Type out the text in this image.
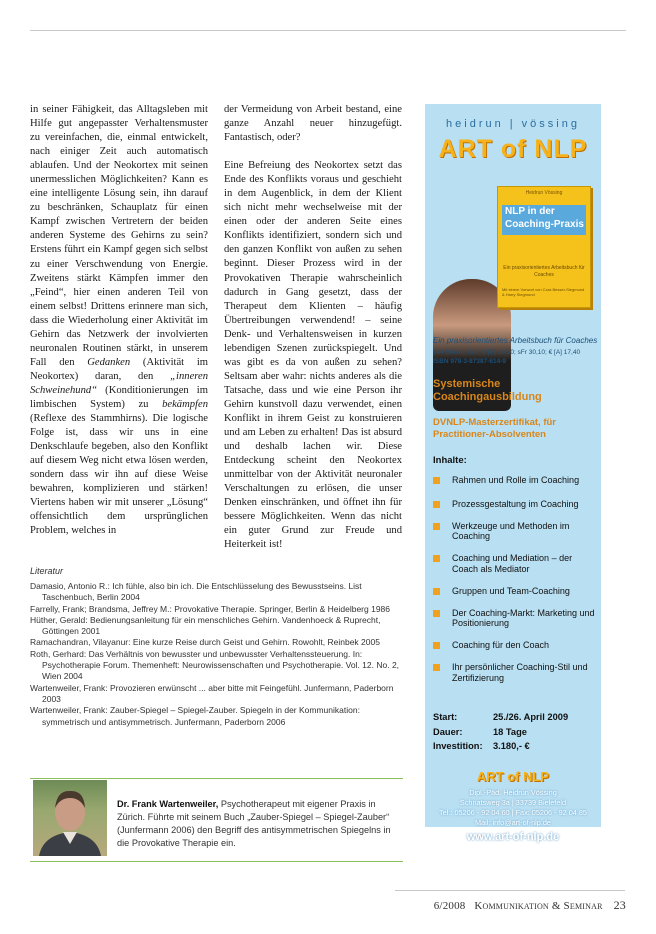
in seiner Fähigkeit, das Alltagsleben mit Hilfe gut angepasster Verhaltensmuster zu vereinfachen, die, einmal entwickelt, nach einiger Zeit auch automatisch ablaufen. Und der Neokortex mit seinen unermesslichen Möglichkeiten? Kann es eine intelligente Lösung sein, ihn darauf zu beschränken, Schauplatz für einen Kampf zwischen Vertretern der beiden anderen Systeme des Gehirns zu sein? Erstens führt ein Kampf gegen sich selbst zu einer Verschwendung von Energie. Zweitens stärkt Kämpfen immer den „Feind“, hier einen anderen Teil von einem selbst! Drittens erinnere man sich, dass die Wiederholung einer Aktivität im Gehirn das Netzwerk der involvierten neuronalen Routinen stärkt, in unserem Fall den Gedanken (Aktivität im Neokortex) daran, den „inneren Schweinehund“ (Konditionierungen im limbischen System) zu bekämpfen (Reflexe des Stammhirns). Die logische Folge ist, dass wir uns in eine Denkschlaufe begeben, also den Konflikt auf diesem Weg nicht etwa lösen werden, sondern dass wir ihn auf diese Weise bewahren, komplizieren und stärken! Viertens haben wir mit unserer „Lösung“ offensichtlich dem ursprünglichen Problem, welches in

der Vermeidung von Arbeit bestand, eine ganze Anzahl neuer hinzugefügt. Fantastisch, oder?

Eine Befreiung des Neokortex setzt das Ende des Konflikts voraus und geschieht in dem Augenblick, in dem der Klient sich nicht mehr wechselweise mit der einen oder der anderen Seite eines Konflikts identifiziert, sondern sich und den ganzen Konflikt von außen zu sehen beginnt. Dieser Prozess wird in der Provokativen Therapie wahrscheinlich dadurch in Gang gesetzt, dass der Therapeut dem Klienten – häufig Übertreibungen verwendend! – seine Denk- und Verhaltensweisen in kurzen lebendigen Szenen zurückspiegelt. Und was gibt es da von außen zu sehen? Seltsam aber wahr: nichts anderes als die Tatsache, dass und wie eine Person ihr Gehirn kunstvoll dazu verwendet, einen Konflikt in ihrem Geist zu konstruieren und am Leben zu erhalten! Das ist absurd und deshalb lachen wir. Diese Entdeckung scheint den Neokortex unmittelbar von der Aktivität neuronaler Verschaltungen zu erlösen, die unser Denken einschränken, und öffnet ihn für bessere Möglichkeiten. Wenn das nicht ein guter Grund zur Freude und Heiterkeit ist!

Literatur

Damasio, Antonio R.: Ich fühle, also bin ich. Die Entschlüsselung des Bewusstseins. List Taschenbuch, Berlin 2004

Farrelly, Frank; Brandsma, Jeffrey M.: Provokative Therapie. Springer, Berlin & Heidelberg 1986

Hüther, Gerald: Bedienungsanleitung für ein menschliches Gehirn. Vandenhoeck & Ruprecht, Göttingen 2001

Ramachandran, Vilayanur: Eine kurze Reise durch Geist und Gehirn. Rowohlt, Reinbek 2005

Roth, Gerhard: Das Verhältnis von bewusster und unbewusster Verhaltenssteuerung. In: Psychotherapie Forum. Themenheft: Neurowissenschaften und Psychotherapie. Vol. 12. No. 2, Wien 2004

Wartenweiler, Frank: Provozieren erwünscht ... aber bitte mit Feingefühl. Junfermann, Paderborn 2003

Wartenweiler, Frank: Zauber-Spiegel – Spiegel-Zauber. Spiegeln in der Kommunikation: symmetrisch und antisymmetrisch. Junfermann, Paderborn 2006

Dr. Frank Wartenweiler, Psychotherapeut mit eigener Praxis in Zürich. Führte mit seinem Buch „Zauber-Spiegel – Spiegel-Zauber“ (Junfermann 2006) den Begriff des antisymmetrischen Spiegelns in die Provokative Therapie ein.
6/2008 Kommunikation & Seminar 23
heidrun | vössing
ART of NLP
Heidrun Vössing
NLP in der Coaching-Praxis
Ein praxisorientiertes Arbeitsbuch für Coaches
Mit einem Vorwort von Cora Besser-Siegmund & Harry Siegmund
Ein praxisorientiertes Arbeitsbuch für Coaches
144 Seiten, kart. € [D] 16,90; sFr 30,10; € [A] 17,40
ISBN 978-3-87387-614-9
Systemische Coachingausbildung
DVNLP-Masterzertifikat, für Practitioner-Absolventen
Inhalte:
Rahmen und Rolle im Coaching
Prozessgestaltung im Coaching
Werkzeuge und Methoden im Coaching
Coaching und Mediation – der Coach als Mediator
Gruppen und Team-Coaching
Der Coaching-Markt: Marketing und Positionierung
Coaching für den Coach
Ihr persönlicher Coaching-Stil und Zertifizierung
Start:	25./26. April 2009
Dauer:	18 Tage
Investition:	3.180,- €
ART of NLP
Dipl.-Päd. Heidrun Vössing
Schnatsweg 3a | 33739 Bielefeld
Tel.: 05206 - 92 04 60 | Fax: 05206 - 92 04 85
Mail: info@art-of-nlp.de
www.art-of-nlp.de
